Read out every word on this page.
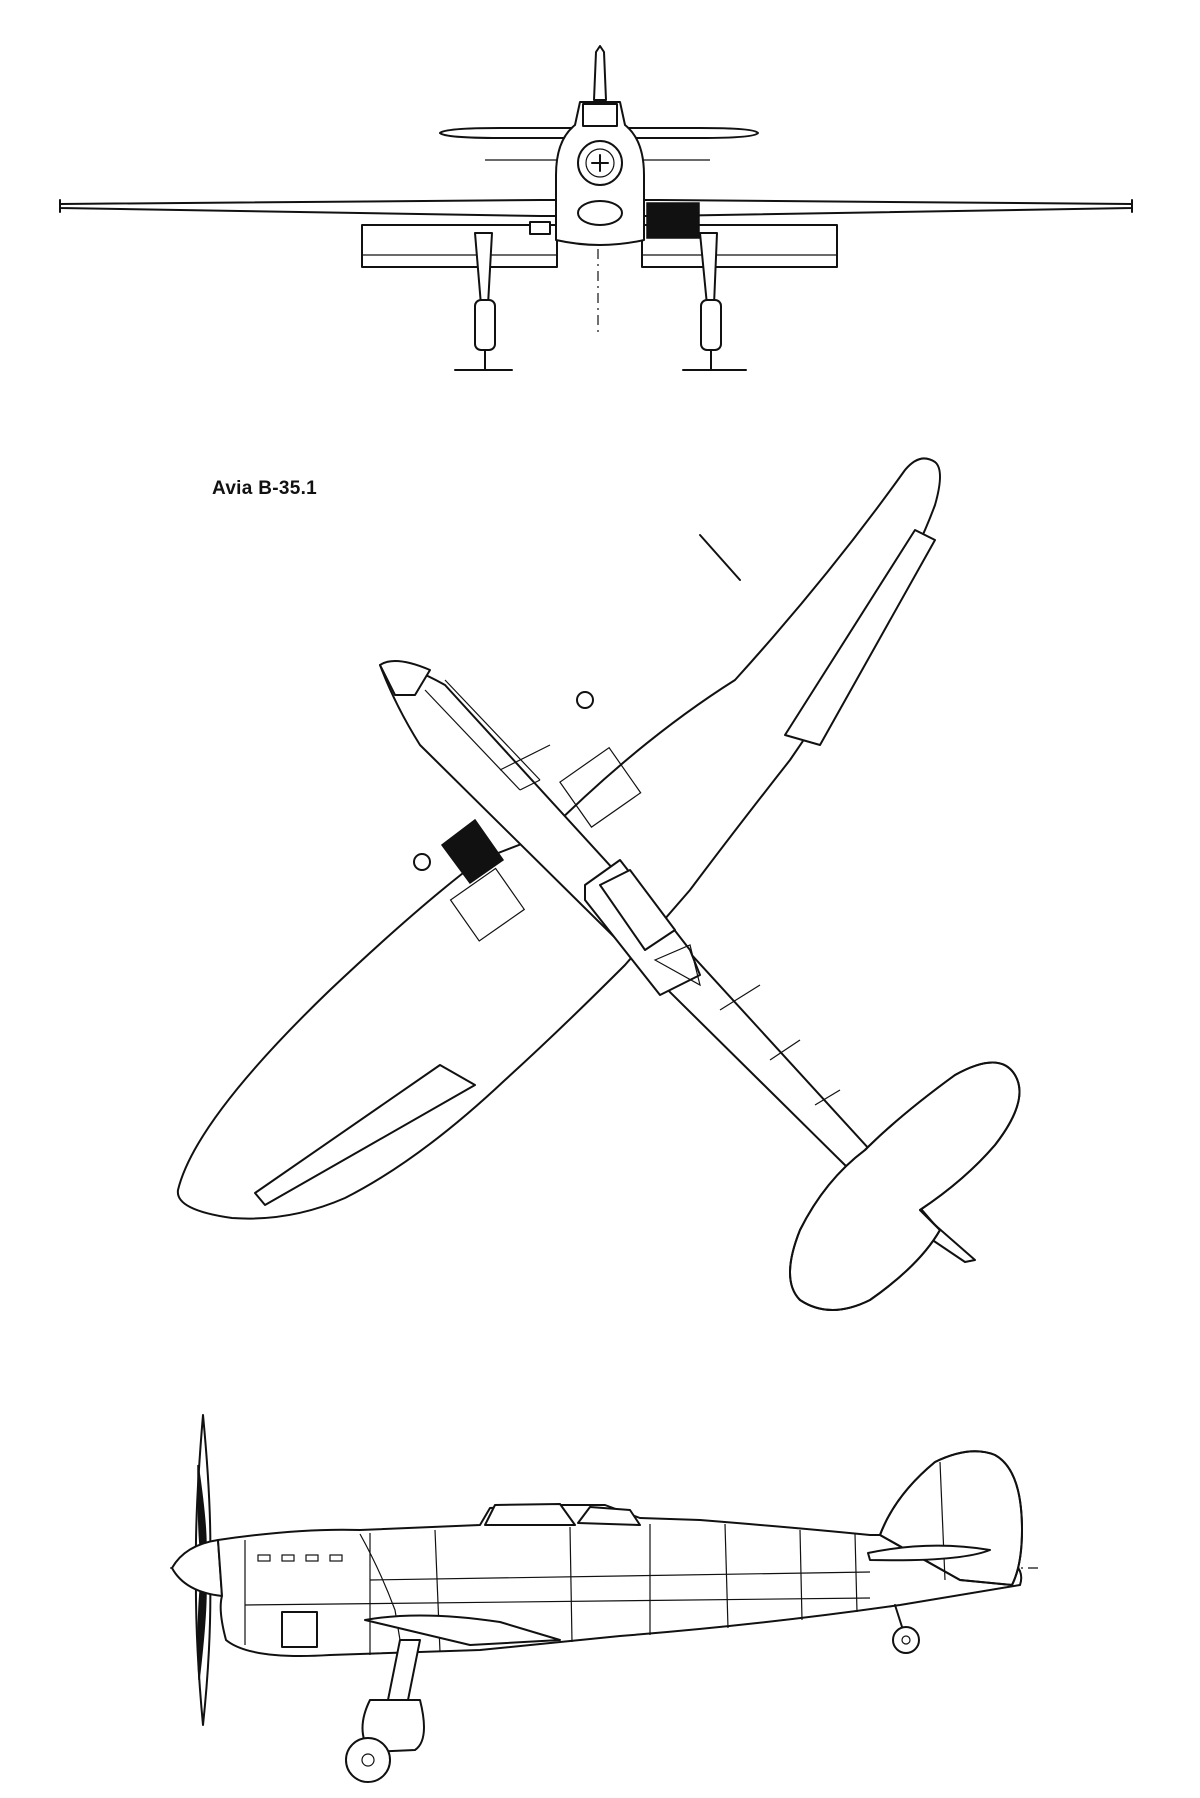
Avia B-35.1
